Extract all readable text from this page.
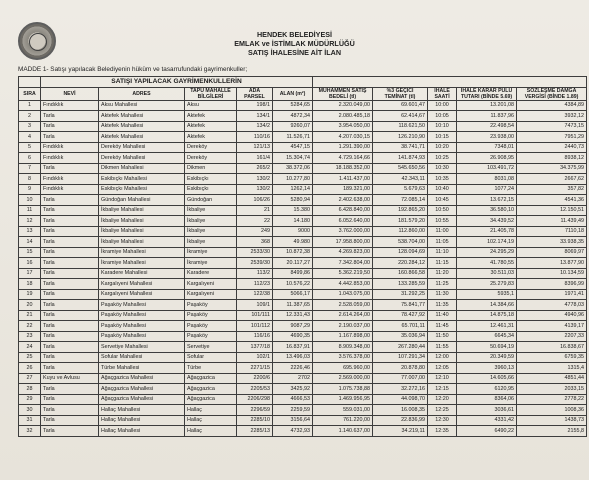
HENDEK BELEDİYESİ
EMLAK ve İSTİMLAK MÜDÜRLÜĞÜ
SATIŞ İHALESİNE AİT İLAN
MADDE 1- Satışı yapılacak Belediyenin hüküm ve tasarrufundaki gayrimenkuller;
	SATIŞI YAPILACAK GAYRİMENKULLERİN									
SIRA	NEVİ	ADRES	TAPU MAHALLE BİLGİLERİ	ADA PARSEL	ALAN (m²)	MUHAMMEN SATIŞ BEDELİ (tl)	%3 GEÇİCİ TEMİNAT (tl)	İHALE SAATİ	İHALE KARAR PULU TUTARI (BİNDE 5.69)	SÖZLEŞME DAMGA VERGİSİ (BİNDE 1.89)
1	Fındıklık	Aksu Mahallesi	Aksu	198/1	5284,65	2.320.049,00	69.601,47	10:00	13.201,08	4384,89
2	Tarla	Aktefek Mahallesi	Aktefek	134/1	4872,34	2.080.485,18	62.414,67	10:05	11.837,96	3932,12
3	Tarla	Aktefek Mahallesi	Aktefek	134/2	9260,07	3.954.050,00	118.621,50	10:10	22.498,54	7473,15
4	Tarla	Aktefek Mahallesi	Aktefek	110/16	11.526,71	4.207.030,15	126.210,90	10:15	23.938,00	7951,29
5	Fındıklık	Dereköy Mahallesi	Dereköy	121/13	4547,15	1.291.390,00	38.741,71	10:20	7348,01	2440,73
6	Fındıklık	Dereköy Mahallesi	Dereköy	161/4	15.304,74	4.729.164,66	141.874,93	10:25	26.908,95	8938,12
7	Tarla	Dikmen Mahallesi	Dikmen	265/2	38.372,06	18.188.352,00	545.650,56	10:30	103.491,72	34.375,99
8	Fındıklık	Eskibıçkı Mahallesi	Eskibıçkı	130/2	10.277,80	1.411.437,00	42.343,11	10:35	8031,08	2667,62
9	Fındıklık	Eskibıçkı Mahallesi	Eskibıçkı	130/2	1262,14	189.321,00	5.679,63	10:40	1077,24	357,82
10	Tarla	Gündoğan Mahallesi	Gündoğan	106/26	5280,94	2.402.638,00	72.085,14	10:45	13.672,15	4541,36
11	Tarla	İkbaliye Mahallesi	İkbaliye	21	15.380	6.428.840,00	192.865,20	10:50	36.580,10	12.150,51
12	Tarla	İkbaliye Mahallesi	İkbaliye	22	14.180	6.052.640,00	181.579,20	10:55	34.439,52	11.439,49
13	Tarla	İkbaliye Mahallesi	İkbaliye	249	9000	3.762.000,00	112.860,00	11:00	21.405,78	7110,18
14	Tarla	İkbaliye Mahallesi	İkbaliye	368	49.980	17.958.800,00	538.704,00	11:05	102.174,19	33.938,35
15	Tarla	İkramiye Mahallesi	İkramiye	2533/30	10.872,38	4.269.823,00	128.094,69	11:10	24.295,29	8069,97
16	Tarla	İkramiye Mahallesi	İkramiye	2539/30	20.117,27	7.342.804,00	220.284,12	11:15	41.780,55	13.877,90
17	Tarla	Karadere Mahallesi	Karadere	113/2	8499,86	5.362.219,50	160.866,58	11:20	30.511,03	10.134,59
18	Tarla	Kargalıyeni Mahallesi	Kargalıyeni	112/23	10.576,22	4.442.853,00	133.285,59	11:25	25.279,83	8396,99
19	Tarla	Kargalıyeni Mahallesi	Kargalıyeni	122/38	5066,17	1.043.075,00	31.292,25	11:30	5935,1	1971,41
20	Tarla	Paşaköy Mahallesi	Paşaköy	109/1	11.387,65	2.528.059,00	75.841,77	11:35	14.384,66	4778,03
21	Tarla	Paşaköy Mahallesi	Paşaköy	101/111	12.331,43	2.614.264,00	78.427,92	11:40	14.875,18	4940,96
22	Tarla	Paşaköy Mahallesi	Paşaköy	101/112	9087,29	2.190.037,00	65.701,11	11:45	12.461,31	4139,17
23	Tarla	Paşaköy Mahallesi	Paşaköy	116/16	4690,35	1.167.898,00	35.036,94	11:50	6645,34	2207,33
24	Tarla	Servetiye Mahallesi	Servetiye	1377/18	16.837,91	8.909.348,00	267.280,44	11:55	50.694,19	16.838,67
25	Tarla	Sofular Mahallesi	Sofular	102/1	13.496,03	3.576.378,00	107.291,34	12:00	20.349,59	6759,35
26	Tarla	Türbe Mahallesi	Türbe	2271/15	2226,46	695.960,00	20.878,80	12:05	3960,13	1315,4
27	Kuyu ve Avlusu	Ağaçgazica Mahallesi	Ağaçgazica	2200/6	2702	2.569.000,00	77.007,00	12:10	14.605,66	4851,44
28	Tarla	Ağaçgazica Mahallesi	Ağaçgazica	2205/53	3425,92	1.075.738,88	32.272,16	12:15	6120,95	2033,15
29	Tarla	Ağaçgazica Mahallesi	Ağaçgazica	2206/298	4666,53	1.469.956,95	44.098,70	12:20	8364,06	2778,22
30	Tarla	Hallaç Mahallesi	Hallaç	2296/59	2259,59	559.031,00	16.008,35	12:25	3036,61	1008,36
31	Tarla	Hallaç Mahallesi	Hallaç	2285/10	3156,64	761.220,00	22.836,99	12:30	4331,42	1438,73
32	Tarla	Hallaç Mahallesi	Hallaç	2285/13	4732,93	1.140.637,00	34.219,11	12:35	6490,22	2155,8
